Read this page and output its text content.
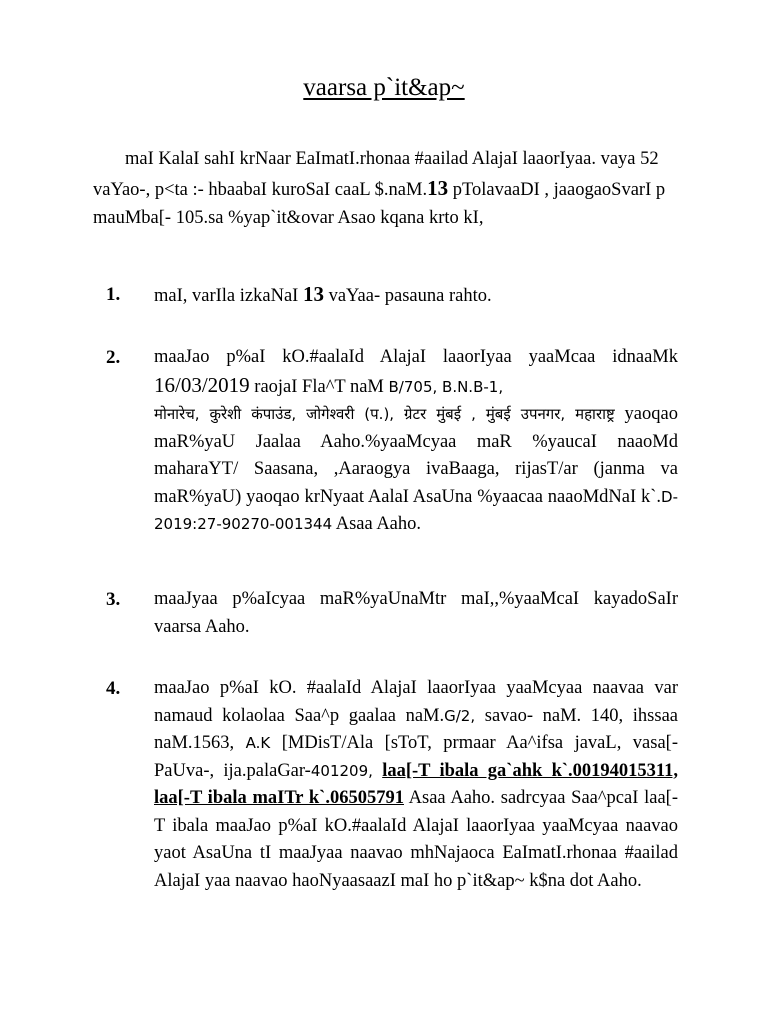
vaarsa p`it&ap~
maI KalaI sahI krNaar EaImatI.rhonaa #aailad AlajaI laaorIyaa. vaya 52 vaYao-, p<ta :- hbaabaI kuroSaI caaL $.naM.13 pTolavaaDI , jaaogaoSvarI p mauMba[- 105.sa %yap`it&ovar Asao kqana krto kI,
1. maI, varIla izkaNaI 13 vaYaa- pasauna rahto.
2. maaJao p%aI kO.#aalaId AlajaI laaorIyaa yaaMcaa idnaaMk 16/03/2019 raojaI Fla^T naM B/705, B.N.B-1,
मोनारेच, कुरेशी कंपाउंड, जोगेश्वरी (प.), ग्रेटर मुंबई , मुंबई उपनगर, महाराष्ट्र yaoqao maR%yaU Jaalaa Aaho.%yaaMcyaa maR %yaucaI naaoMd maharaYT/ Saasana, ,Aaraogya ivaBaaga, rijasT/ar (janma va maR%yaU) yaoqao krNyaat AalaI AsaUna %yaacaa naaoMdNaI k`.D-2019:27-90270-001344 Asaa Aaho.
3. maaJyaa p%aIcyaa maR%yaUnaMtr maI,,%yaaMcaI kayadoSaIr vaarsa Aaho.
4. maaJao p%aI kO. #aalaId AlajaI laaorIyaa yaaMcyaa naavaa var namaud kolaolaa Saa^p gaalaa naM.G/2, savao- naM. 140, ihssaa naM.1563, A.K [MDisT/Ala [sToT, prmaar Aa^ifsa javaL, vasa[- PaUva-, ija.palaGar-401209, laa[-T ibala ga`ahk k`.00194015311, laa[-T ibala maITr k`.06505791 Asaa Aaho. sadrcyaa Saa^pcaI laa[-T ibala maaJao p%aI kO.#aalaId AlajaI laaorIyaa yaaMcyaa naavao yaot AsaUna tI maaJyaa naavao mhNajaoca EaImatI.rhonaa #aailad AlajaI yaa naavao haoNyaasaazI maI ho p`it&ap~ k$na dot Aaho.
